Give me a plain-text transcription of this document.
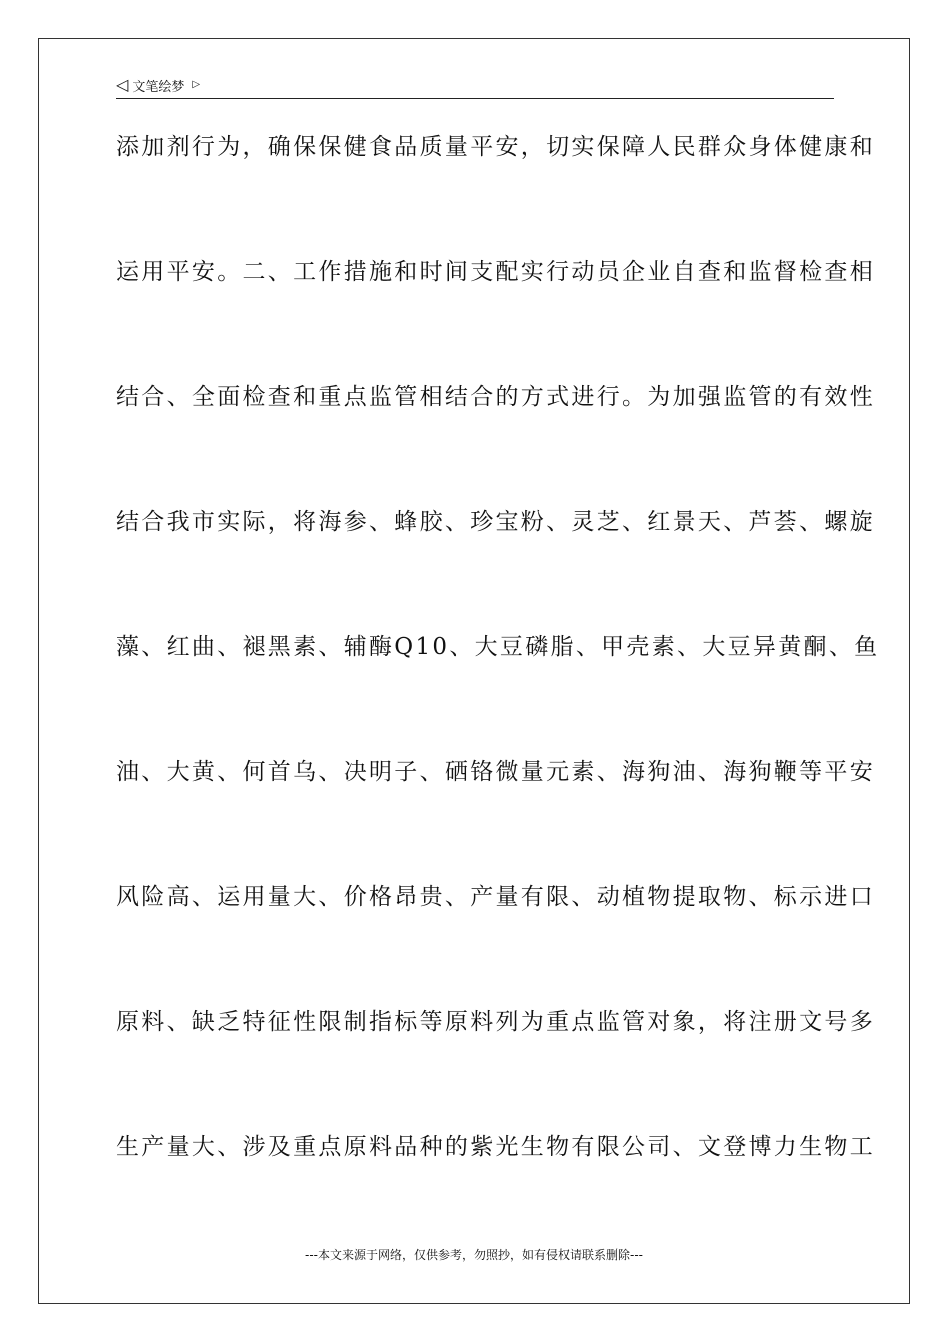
◁ 文笔绘梦 ▷
添加剂行为，确保保健食品质量平安，切实保障人民群众身体健康和
运用平安。二、工作措施和时间支配实行动员企业自查和监督检查相
结合、全面检查和重点监管相结合的方式进行。为加强监管的有效性
结合我市实际，将海参、蜂胶、珍宝粉、灵芝、红景天、芦荟、螺旋
藻、红曲、褪黑素、辅酶Q10、大豆磷脂、甲壳素、大豆异黄酮、鱼
油、大黄、何首乌、决明子、硒铬微量元素、海狗油、海狗鞭等平安
风险高、运用量大、价格昂贵、产量有限、动植物提取物、标示进口
原料、缺乏特征性限制指标等原料列为重点监管对象，将注册文号多
生产量大、涉及重点原料品种的紫光生物有限公司、文登博力生物工
---本文来源于网络，仅供参考，勿照抄，如有侵权请联系删除---
